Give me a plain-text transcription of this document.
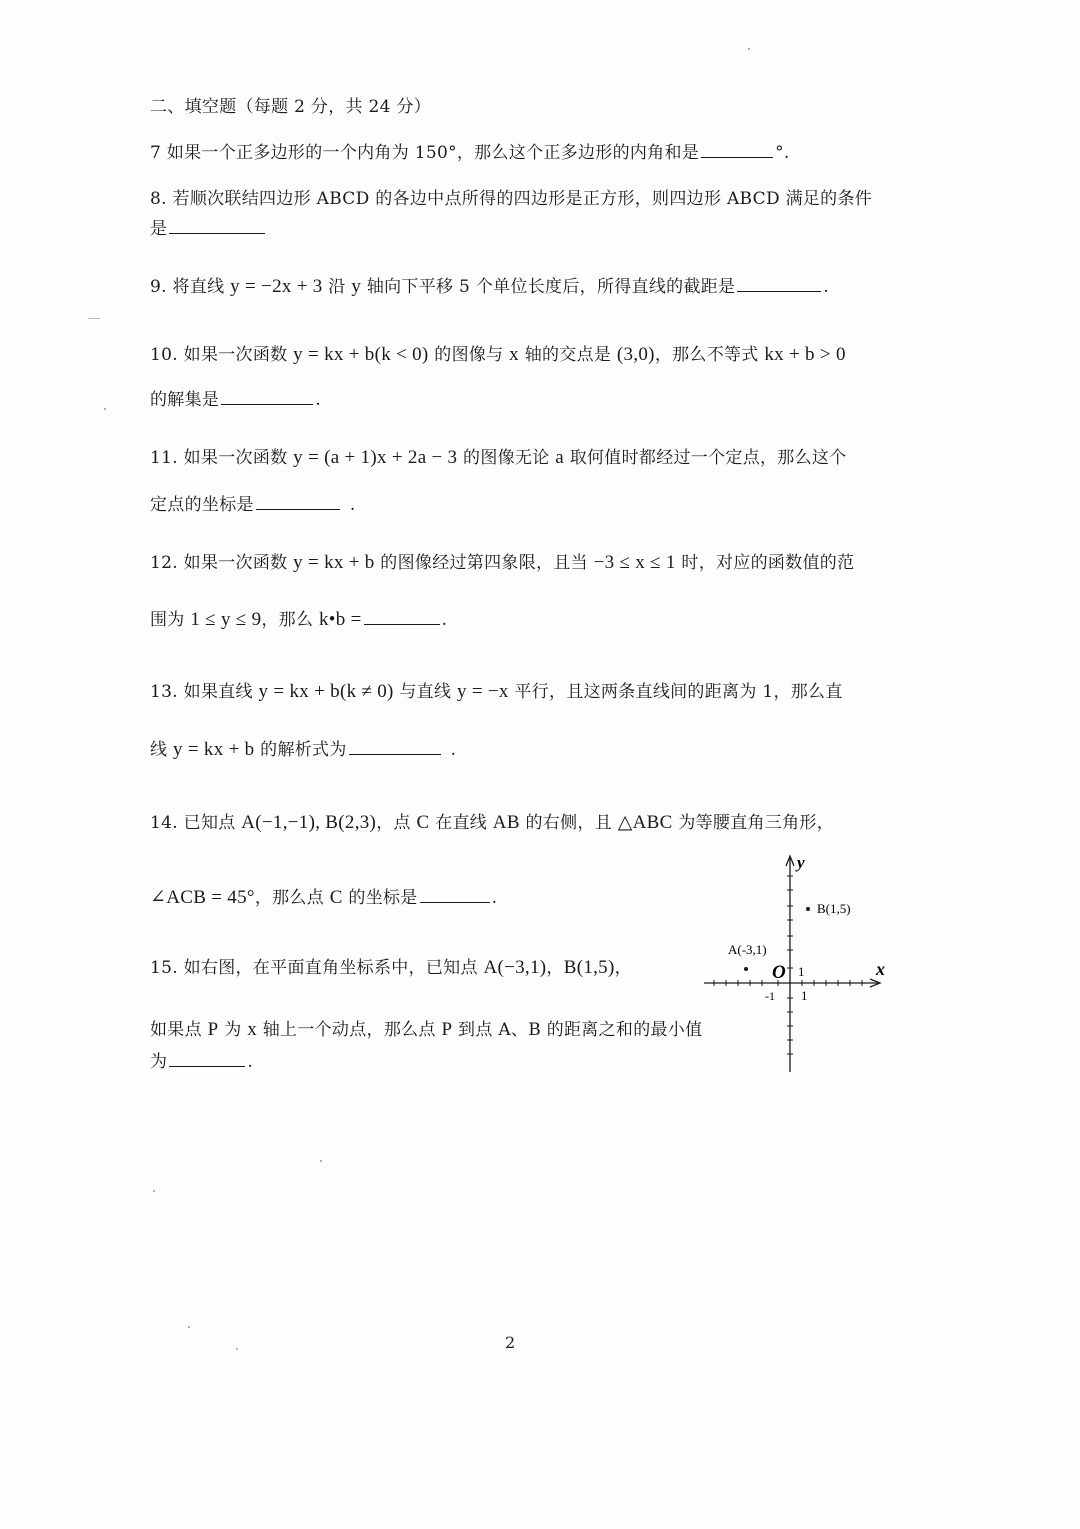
二、填空题（每题 2 分，共 24 分）
7 如果一个正多边形的一个内角为 150°，那么这个正多边形的内角和是	°.
8. 若顺次联结四边形 ABCD 的各边中点所得的四边形是正方形，则四边形 ABCD 满足的条件
是
9. 将直线 y = −2x + 3 沿 y 轴向下平移 5 个单位长度后，所得直线的截距是	.
10. 如果一次函数 y = kx + b(k < 0) 的图像与 x 轴的交点是 (3,0)，那么不等式 kx + b > 0
的解集是	.
11. 如果一次函数 y = (a + 1)x + 2a − 3 的图像无论 a 取何值时都经过一个定点，那么这个
定点的坐标是	.
12. 如果一次函数 y = kx + b 的图像经过第四象限，且当 −3 ≤ x ≤ 1 时，对应的函数值的范
围为 1 ≤ y ≤ 9，那么 k•b =	.
13. 如果直线 y = kx + b(k ≠ 0) 与直线 y = −x 平行，且这两条直线间的距离为 1，那么直
线 y = kx + b 的解析式为	.
14. 已知点 A(−1,−1), B(2,3)，点 C 在直线 AB 的右侧，且 △ABC 为等腰直角三角形，
∠ACB = 45°，那么点 C 的坐标是	.
15. 如右图，在平面直角坐标系中，已知点 A(−3,1)，B(1,5)，
如果点 P 为 x 轴上一个动点，那么点 P 到点 A、B 的距离之和的最小值
为	.
y
x
O 1
-1 1
B(1,5)
A(-3,1)
2
